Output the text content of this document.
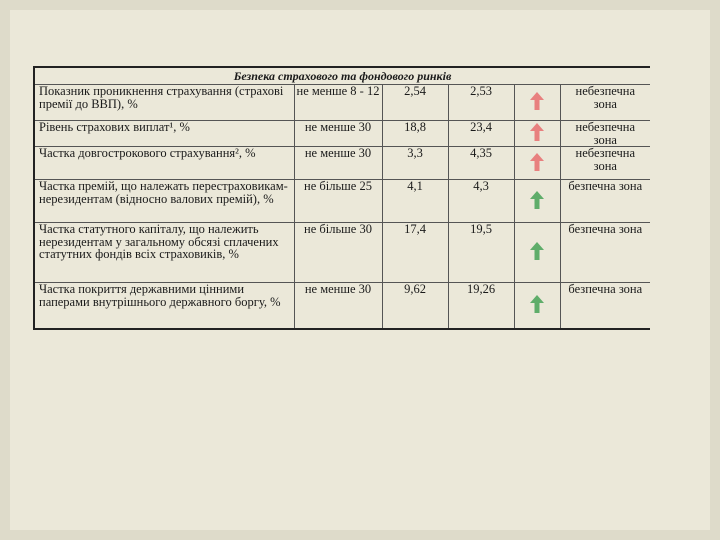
Безпека страхового та фондового ринків					
Показник проникнення страхування (страхові премії до ВВП), %	не менше 8 - 12	2,54	2,53		небезпечна зона
Рівень страхових виплат¹, %	не менше 30	18,8	23,4		небезпечна зона
Частка довгострокового страхування², %	не менше 30	3,3	4,35		небезпечна зона
Частка премій, що належать перестраховикам-нерезидентам (відносно валових премій), %	не більше 25	4,1	4,3		безпечна зона
Частка статутного капіталу, що належить нерезидентам у загальному обсязі сплачених статутних фондів всіх страховиків, %	не більше 30	17,4	19,5		безпечна зона
Частка покриття державними цінними паперами внутрішнього державного боргу, %	не менше 30	9,62	19,26		безпечна зона
